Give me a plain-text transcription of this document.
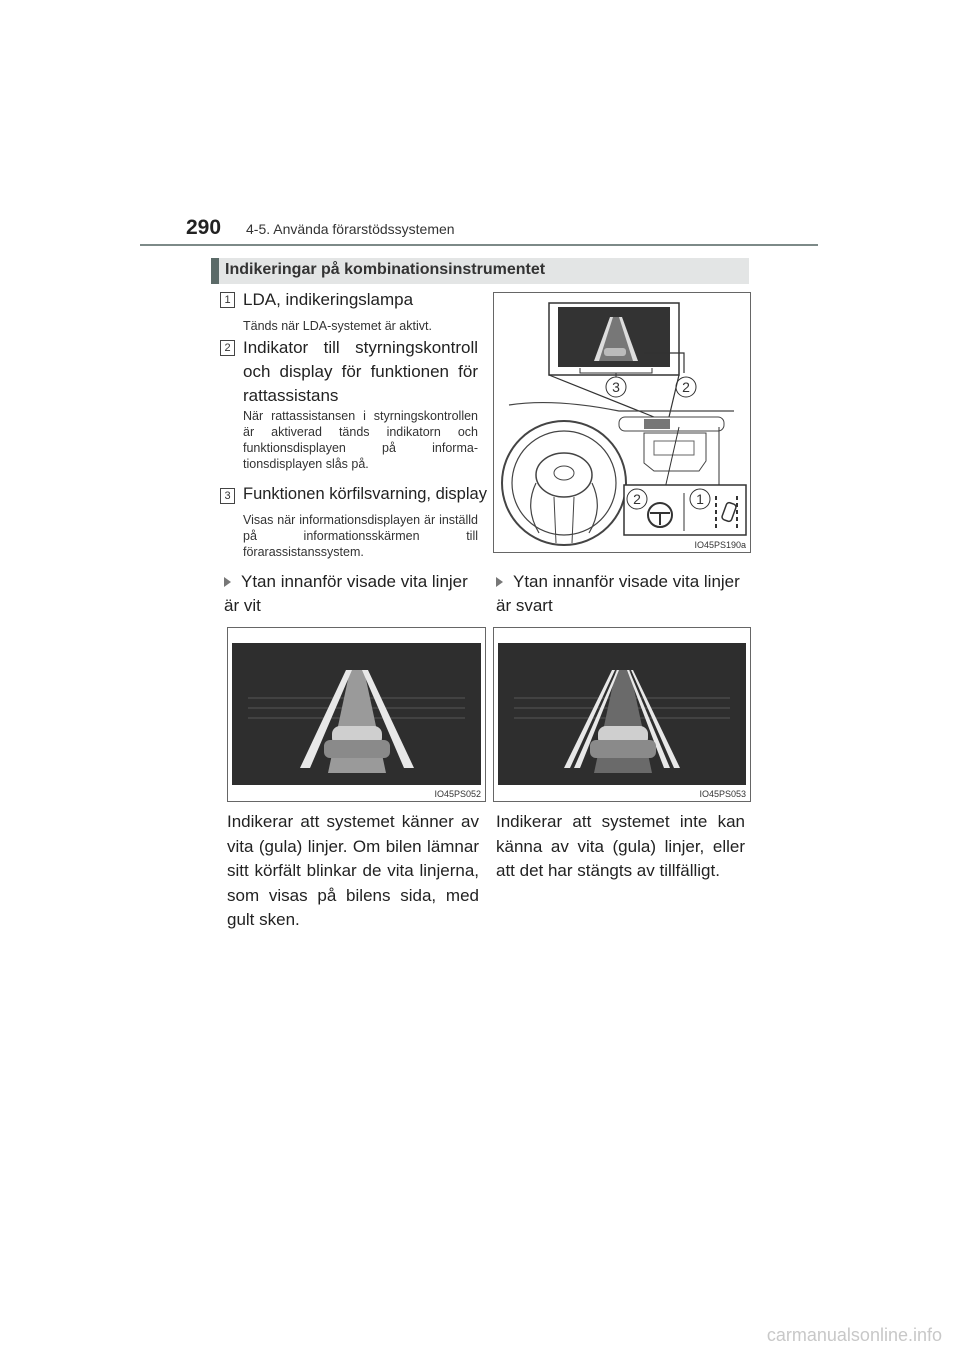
290 4-5. Använda förarstödssystemen
Indikeringar på kombinationsinstrumentet
1 LDA, indikeringslampa
Tänds när LDA-systemet är aktivt.
2 Indikator till styrningskontroll och display för funktionen för rattassistans
När rattassistansen i styrningskontrollen är aktiverad tänds indikatorn och funktionsdisplayen på informationsdisplayen slås på.
3 Funktionen körfilsvarning, display
Visas när informationsdisplayen är inställd på informationsskärmen till förarassistanssystem.
3	2
2	1
IO45PS190a
Ytan innanför visade vita linjer är vit
Ytan innanför visade vita linjer är svart
IO45PS052	IO45PS053
Indikerar att systemet känner av vita (gula) linjer. Om bilen lämnar sitt körfält blinkar de vita linjerna, som visas på bilens sida, med gult sken.
Indikerar att systemet inte kan känna av vita (gula) linjer, eller att det har stängts av tillfälligt.
carmanualsonline.info
